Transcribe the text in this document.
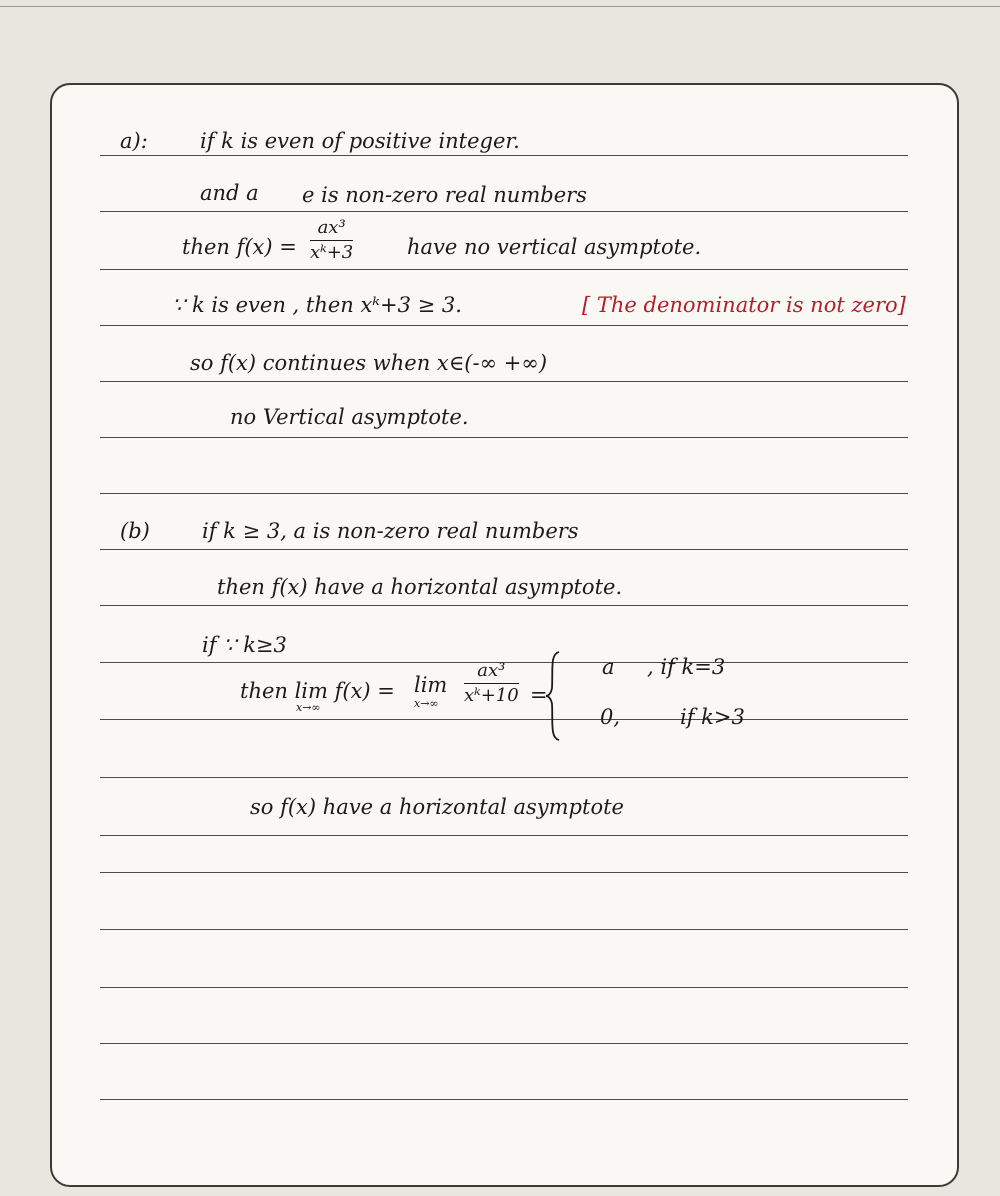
a): if k is even of positive integer.
and a e is non-zero real numbers
then f(x) =
ax³
xᵏ+3	have no vertical asymptote.
∵ k is even , then xᵏ+3 ≥ 3.	[ The denominator is not zero]
so f(x) continues when x∈(-∞ +∞)
no Vertical asymptote.
(b) if k ≥ 3, a is non-zero real numbers
then f(x) have a horizontal asymptote.
if ∵ k≥3
then lim f(x) =
x→∞
lim
x→∞
ax³
xᵏ+10 =
a , if k=3
0,	if k>3
so f(x) have a horizontal asymptote
